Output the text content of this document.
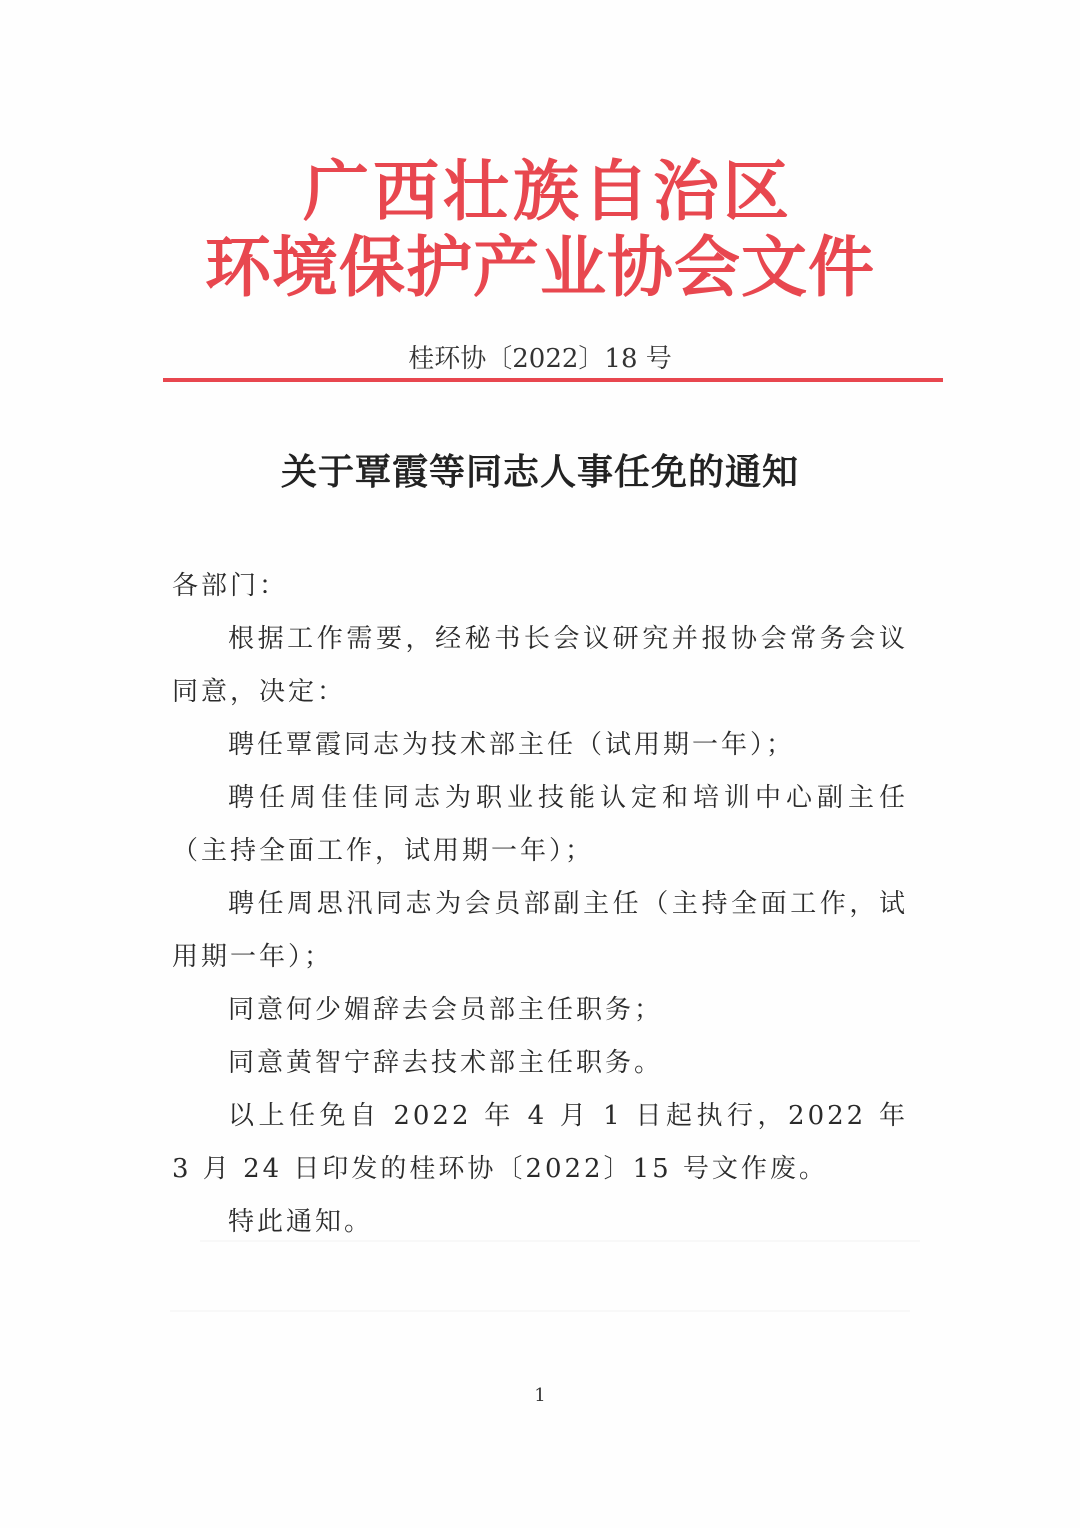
广西壮族自治区
环境保护产业协会文件
桂环协〔2022〕18 号
关于覃霞等同志人事任免的通知

各部门：

根据工作需要，经秘书长会议研究并报协会常务会议同意，决定：

聘任覃霞同志为技术部主任（试用期一年）；

聘任周佳佳同志为职业技能认定和培训中心副主任（主持全面工作，试用期一年）；

聘任周思汛同志为会员部副主任（主持全面工作，试用期一年）；

同意何少媚辞去会员部主任职务；

同意黄智宁辞去技术部主任职务。

以上任免自 2022 年 4 月 1 日起执行，2022 年 3 月 24 日印发的桂环协〔2022〕15 号文作废。

特此通知。

1
